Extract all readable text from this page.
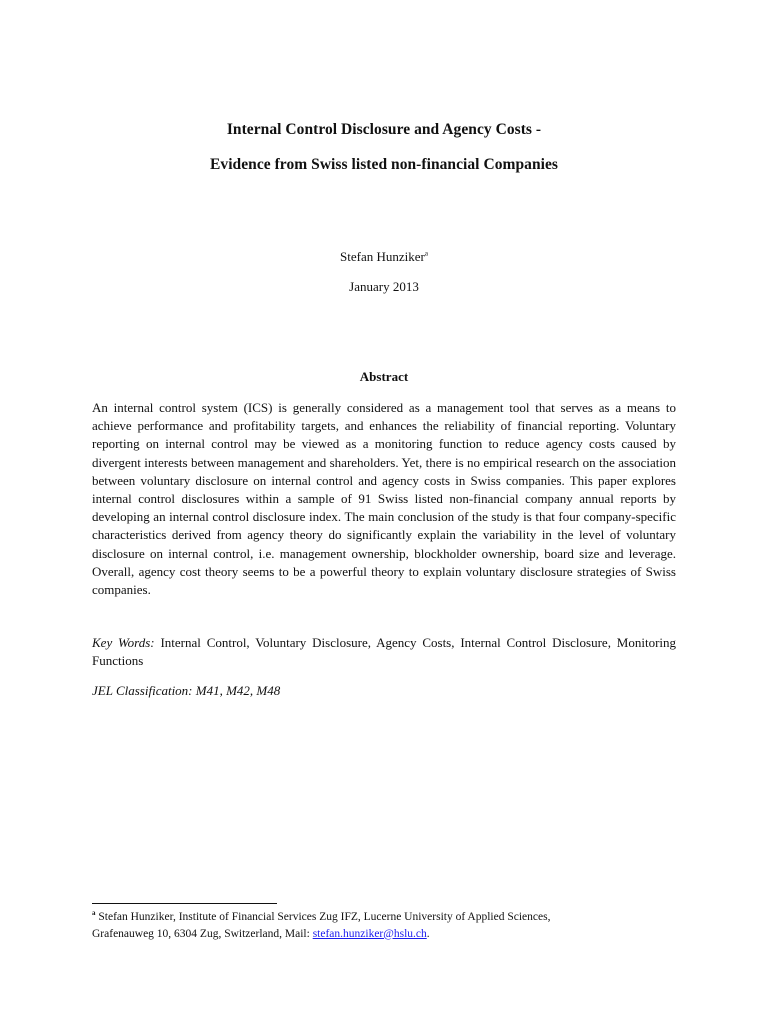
Internal Control Disclosure and Agency Costs -
Evidence from Swiss listed non-financial Companies
Stefan Hunziker$^a$
January 2013
Abstract

An internal control system (ICS) is generally considered as a management tool that serves as a means to achieve performance and profitability targets, and enhances the reliability of financial reporting. Voluntary reporting on internal control may be viewed as a monitoring function to reduce agency costs caused by divergent interests between management and shareholders. Yet, there is no empirical research on the association between voluntary disclosure on internal control and agency costs in Swiss companies. This paper explores internal control disclosures within a sample of 91 Swiss listed non-financial company annual reports by developing an internal control disclosure index. The main conclusion of the study is that four company-specific characteristics derived from agency theory do significantly explain the variability in the level of voluntary disclosure on internal control, i.e. management ownership, blockholder ownership, board size and leverage. Overall, agency cost theory seems to be a powerful theory to explain voluntary disclosure strategies of Swiss companies.

Key Words: Internal Control, Voluntary Disclosure, Agency Costs, Internal Control Disclosure, Monitoring Functions

JEL Classification: M41, M42, M48

$^a$ Stefan Hunziker, Institute of Financial Services Zug IFZ, Lucerne University of Applied Sciences,
Grafenauweg 10, 6304 Zug, Switzerland, Mail: stefan.hunziker@hslu.ch.
